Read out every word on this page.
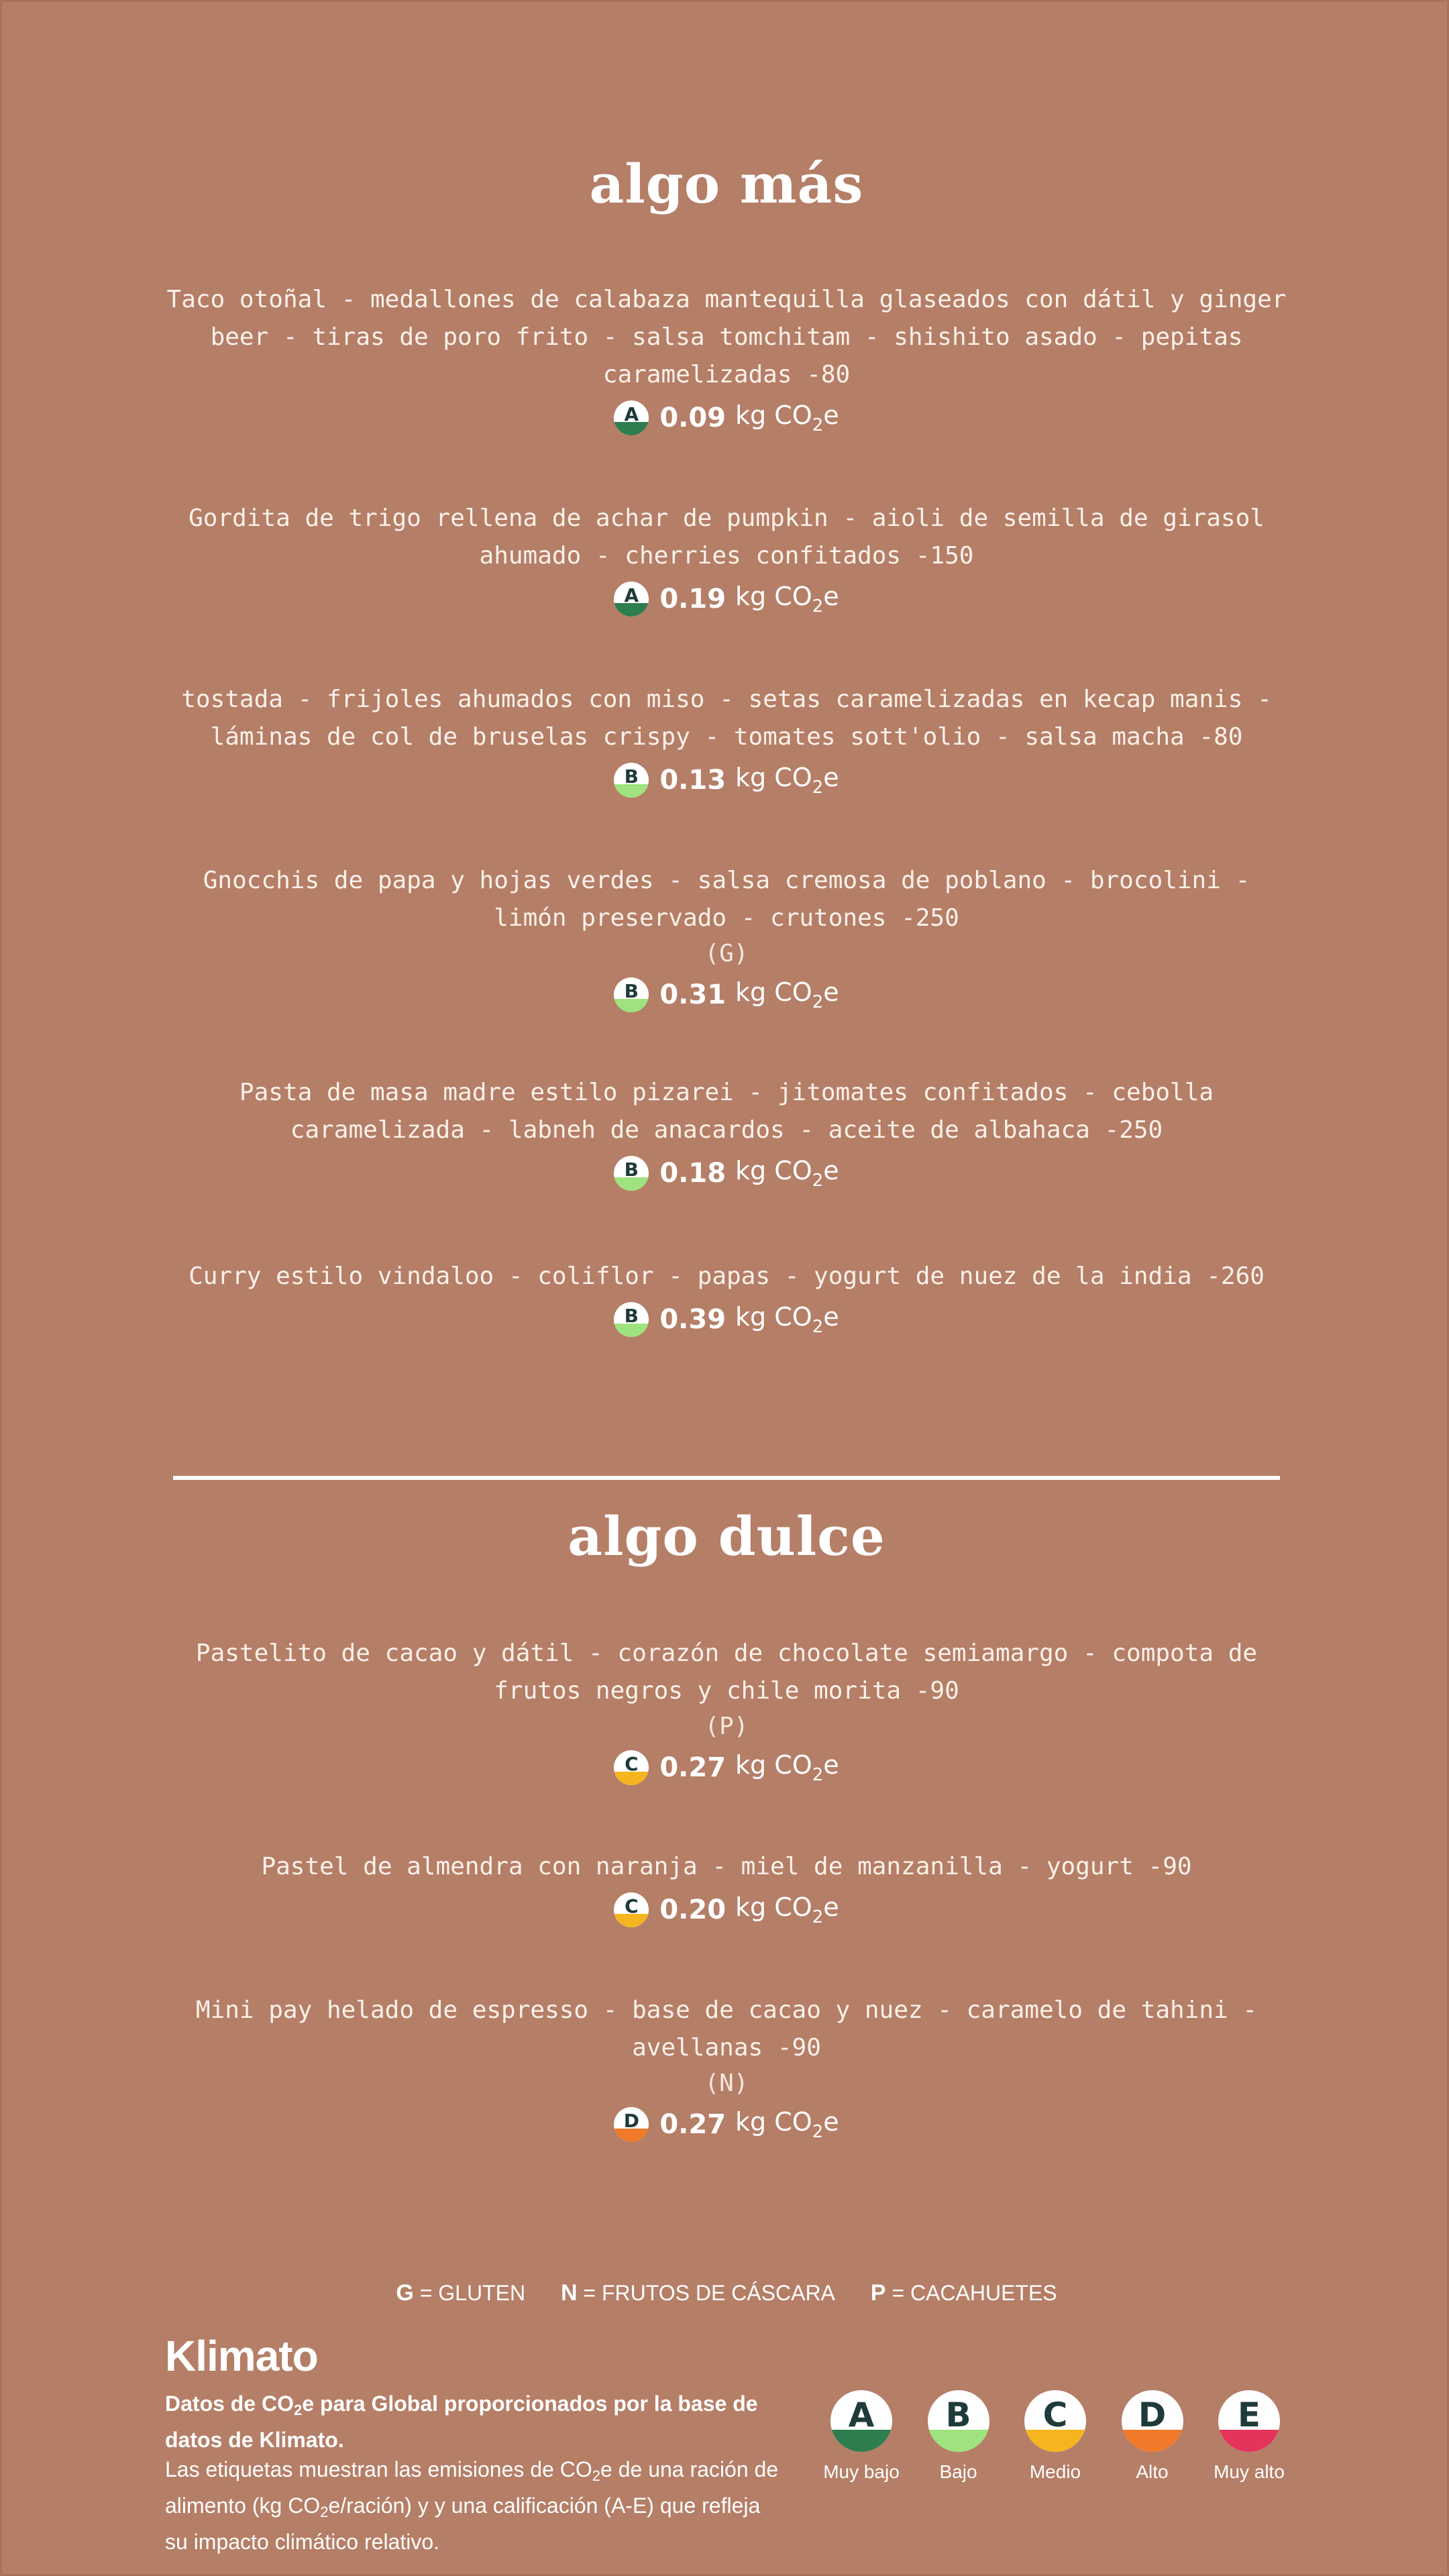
algo más
Taco otoñal - medallones de calabaza mantequilla glaseados con dátil y ginger beer - tiras de poro frito - salsa tomchitam - shishito asado - pepitas caramelizadas -80
A 0.09 kg $CO_2e$
Gordita de trigo rellena de achar de pumpkin - aioli de semilla de girasol ahumado - cherries confitados -150
A 0.19 kg $CO_2e$
tostada - frijoles ahumados con miso - setas caramelizadas en kecap manis - láminas de col de bruselas crispy - tomates sott'olio - salsa macha -80
B 0.13 kg $CO_2e$
Gnocchis de papa y hojas verdes - salsa cremosa de poblano - brocolini - limón preservado - crutones -250
(G)
B 0.31 kg $CO_2e$
Pasta de masa madre estilo pizarei - jitomates confitados - cebolla caramelizada - labneh de anacardos - aceite de albahaca -250
B 0.18 kg $CO_2e$
Curry estilo vindaloo - coliflor - papas - yogurt de nuez de la india -260
B 0.39 kg $CO_2e$
algo dulce
Pastelito de cacao y dátil - corazón de chocolate semiamargo - compota de frutos negros y chile morita -90
(P)
C 0.27 kg $CO_2e$
Pastel de almendra con naranja - miel de manzanilla - yogurt -90
C 0.20 kg $CO_2e$
Mini pay helado de espresso - base de cacao y nuez - caramelo de tahini - avellanas -90
(N)
D 0.27 kg $CO_2e$
G = GLUTEN N = FRUTOS DE CÁSCARA P = CACAHUETES
Klimato
Datos de $CO_2e$ para Global proporcionados por la base de datos de Klimato.
Las etiquetas muestran las emisiones de $CO_2e$ de una ración de alimento (kg $CO_2e/ración$) y y una calificación (A-E) que refleja su impacto climático relativo.
A
Muy bajo
B
Bajo
C
Medio
D
Alto
E
Muy alto
